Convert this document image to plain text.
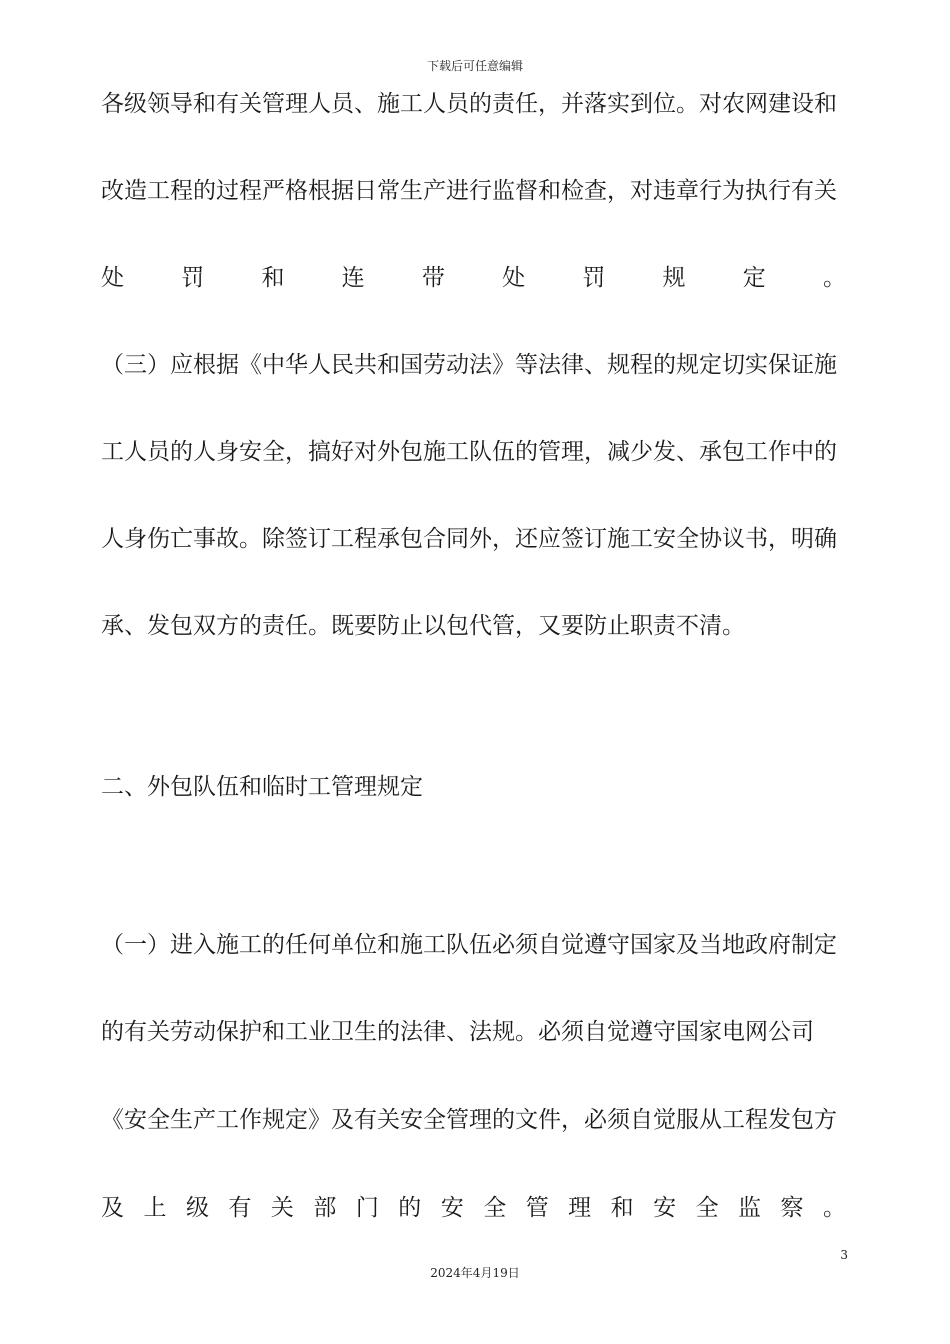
下载后可任意编辑
各级领导和有关管理人员、施工人员的责任，并落实到位。对农网建设和
改造工程的过程严格根据日常生产进行监督和检查，对违章行为执行有关
处 罚 和 连 带 处 罚 规 定 。
（三）应根据《中华人民共和国劳动法》等法律、规程的规定切实保证施
工人员的人身安全，搞好对外包施工队伍的管理，减少发、承包工作中的
人身伤亡事故。除签订工程承包合同外，还应签订施工安全协议书，明确
承、发包双方的责任。既要防止以包代管，又要防止职责不清。
二、外包队伍和临时工管理规定
（一）进入施工的任何单位和施工队伍必须自觉遵守国家及当地政府制定
的有关劳动保护和工业卫生的法律、法规。必须自觉遵守国家电网公司
《安全生产工作规定》及有关安全管理的文件，必须自觉服从工程发包方
及 上 级 有 关 部 门 的 安 全 管 理 和 安 全 监 察 。
3
2024年4月19日
